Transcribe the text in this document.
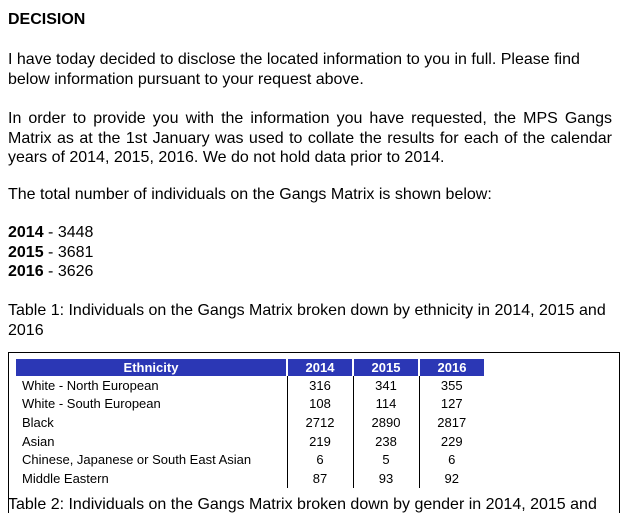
DECISION
I have today decided to disclose the located information to you in full. Please find below information pursuant to your request above.
In order to provide you with the information you have requested, the MPS Gangs Matrix as at the 1st January was used to collate the results for each of the calendar years of 2014, 2015, 2016. We do not hold data prior to 2014.
The total number of individuals on the Gangs Matrix is shown below:
2014 - 3448
2015 - 3681
2016 - 3626
Table 1: Individuals on the Gangs Matrix broken down by ethnicity in 2014, 2015 and 2016
Ethnicity	2014	2015	2016
White - North European	316	341	355
White - South European	108	114	127
Black	2712	2890	2817
Asian	219	238	229
Chinese, Japanese or South East Asian	6	5	6
Middle Eastern	87	93	92
Table 2: Individuals on the Gangs Matrix broken down by gender in 2014, 2015 and
